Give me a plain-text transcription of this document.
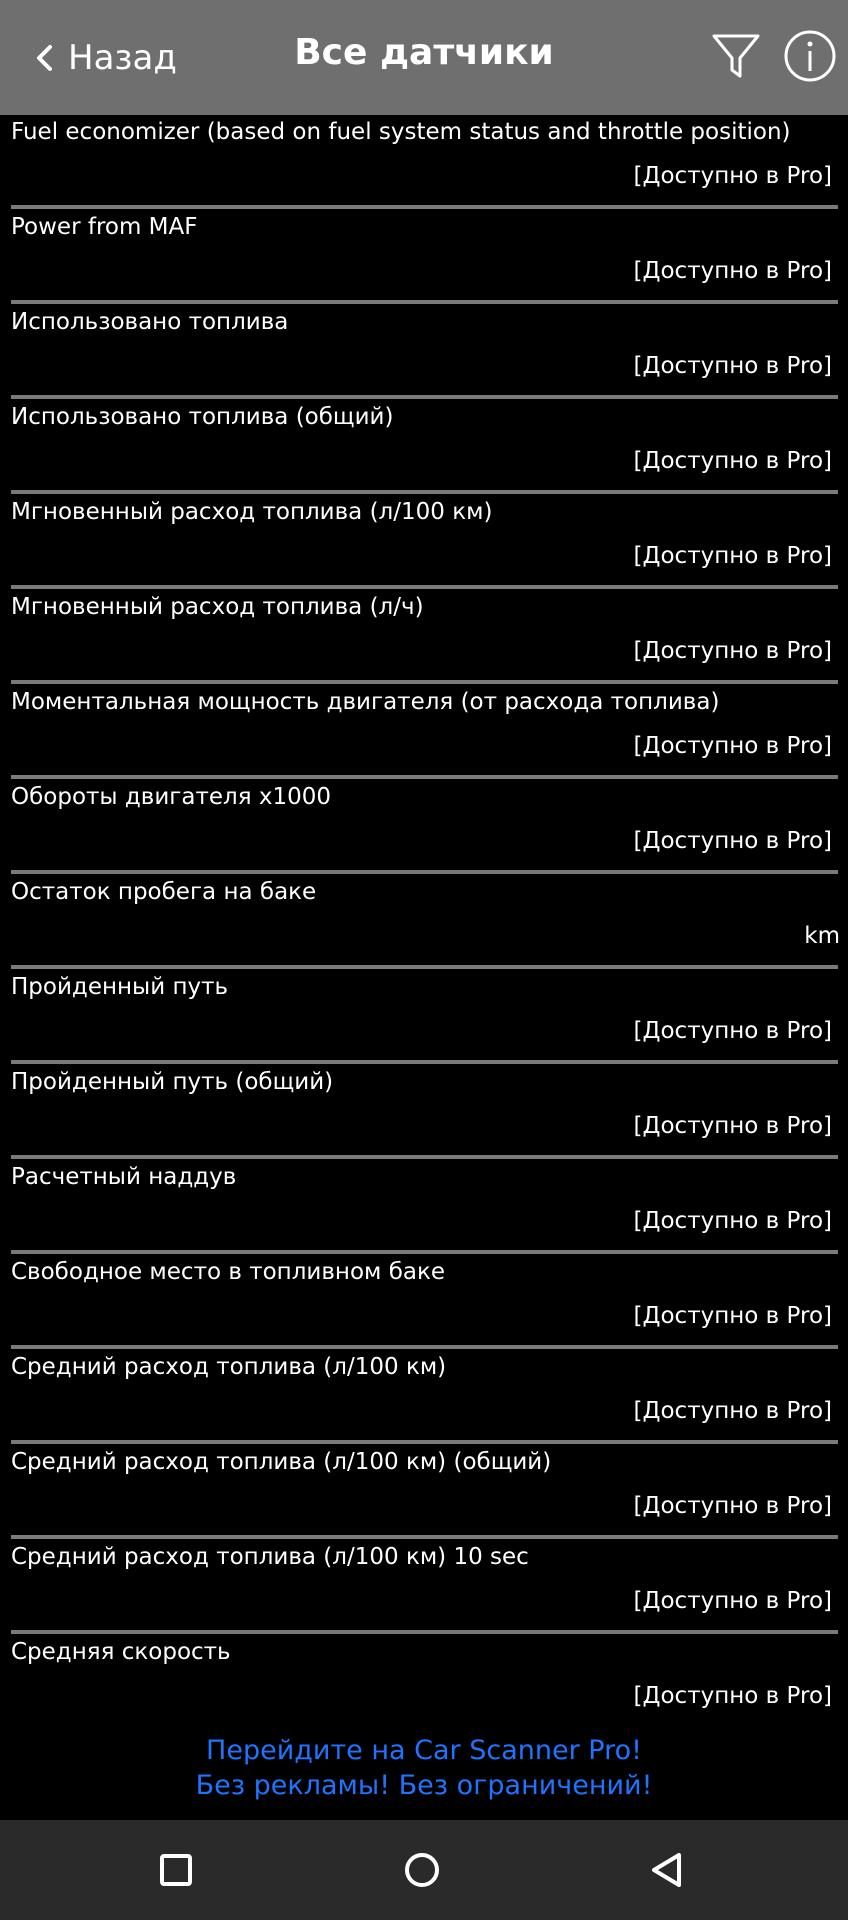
Назад	Все датчики
Fuel economizer (based on fuel system status and throttle position)
[Доступно в Pro]
Power from MAF
[Доступно в Pro]
Использовано топлива
[Доступно в Pro]
Использовано топлива (общий)
[Доступно в Pro]
Мгновенный расход топлива (л/100 км)
[Доступно в Pro]
Мгновенный расход топлива (л/ч)
[Доступно в Pro]
Моментальная мощность двигателя (от расхода топлива)
[Доступно в Pro]
Обороты двигателя x1000
[Доступно в Pro]
Остаток пробега на баке
km
Пройденный путь
[Доступно в Pro]
Пройденный путь (общий)
[Доступно в Pro]
Расчетный наддув
[Доступно в Pro]
Свободное место в топливном баке
[Доступно в Pro]
Средний расход топлива (л/100 км)
[Доступно в Pro]
Средний расход топлива (л/100 км) (общий)
[Доступно в Pro]
Средний расход топлива (л/100 км) 10 sec
[Доступно в Pro]
Средняя скорость
[Доступно в Pro]
Перейдите на Car Scanner Pro!
Без рекламы! Без ограничений!
